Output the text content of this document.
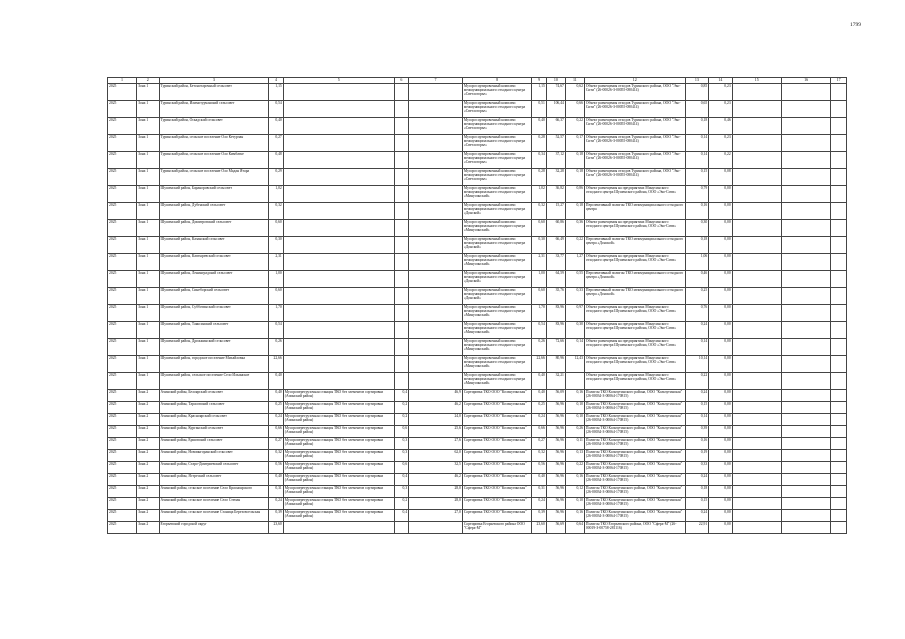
1799
1	2	3	4	5	6	7	8	9	10	11	12	13	14	15	16	17
2025	Зона 1	Туринский район, Бетонотарочный сельсовет	1,15				Мусоросортировочный комплекс межмуниципального отходного центра «Светлогорье»	1,15	74,67	0,62	Объект размещения отходов Туринского района, ООО "Эко-Сити" (26-00026-З-00055-080414)	0,85	0,23			
2025	Зона 1	Туринский район, Илимотурчанский сельсовет	0,54				Мусоросортировочный комплекс межмуниципального отходного центра «Светлогорье»	0,51	106,44	0,66	Объект размещения отходов Туринского района, ООО "Эко-Сити" (26-00026-З-00055-080414)	0,65	0,23			
2025	Зона 1	Туринский район, Оскадский сельсовет	0,40				Мусоросортировочный комплекс межмуниципального отходного центра «Светлогорье»	0,40	66,37	0,22	Объект размещения отходов Туринского района, ООО "Эко-Сити" (26-00026-З-00055-080414)	0,18	0,46			
2025	Зона 1	Туринский район, сельское поселение Оло Кетурчан	0,27				Мусоросортировочный комплекс межмуниципального отходного центра «Светлогорье»	0,28	52,57	0,17	Объект размещения отходов Туринского района, ООО "Эко-Сити" (26-00026-З-00055-080414)	0,14	0,23			
2025	Зона 1	Туринский район, сельское поселение Оло Кимбатке	0,48				Мусоросортировочный комплекс межмуниципального отходного центра «Светлогорье»	0,34	37,12	0,18	Объект размещения отходов Туринского района, ООО "Эко-Сити" (26-00026-З-00055-080414)	0,14	0,22			
2025	Зона 1	Туринский район, сельское поселение Оло Мадан Ятара	0,29				Мусоросортировочный комплекс межмуниципального отходного центра «Светлогорье»	0,28	32,28	0,18	Объект размещения отходов Туринского района, ООО "Эко-Сити" (26-00026-З-00055-080414)	0,15	0,08			
2025	Зона 1	Шушенский район, Бараноровский сельсовет	1,02				Мусоросортировочный комплекс межмуниципального отходного центра «Минусинский»	1,02	36,82	0,86	Объект размещения на предприятиях Минусинского отходного центра Шушенского района, ООО «Эко-Сити»	0,79	0,00			
2025	Зона 1	Шушенский район, Дубенский сельсовет	0,32				Мусоросортировочный комплекс межмуниципального отходного центра «Донской»	0,32	15,27	0,18	Перспективный полигон ТКО межмуниципального отходного центра	0,16	0,00			
2025	Зона 1	Шушенский район, Димитровский сельсовет	0,60				Мусоросортировочный комплекс межмуниципального отходного центра «Минусинский»	0,60	60,86	0,36	Объект размещения на предприятиях Минусинского отходного центра Шушенского района, ООО «Эко-Сити»	0,30	0,00			
2025	Зона 1	Шушенский район, Казанский сельсовет	0,30				Мусоросортировочный комплекс межмуниципального отходного центра «Донской»	0,30	66,49	0,22	Перспективный полигон ТКО межмуниципального отходного центра «Донской»	0,18	0,00			
2025	Зона 1	Шушенский район, Каптыревский сельсовет	2,31				Мусоросортировочный комплекс межмуниципального отходного центра «Минусинский»	2,31	33,77	1,27	Объект размещения на предприятиях Минусинского отходного центра Шушенского района, ООО «Эко-Сити»	1,06	0,00			
2025	Зона 1	Шушенский район, Ленинградский сельсовет	1,00				Мусоросортировочный комплекс межмуниципального отходного центра «Донской»	1,00	64,59	0,55	Перспективный полигон ТКО межмуниципального отходного центра «Донской»	0,46	0,00			
2025	Зона 1	Шушенский район, Синеборский сельсовет	0,60				Мусоросортировочный комплекс межмуниципального отходного центра «Донской»	0,60	35,76	0,33	Перспективный полигон ТКО межмуниципального отходного центра «Донской»	0,25	0,00			
2025	Зона 1	Шушенский район, Субботинский сельсовет	1,70				Мусоросортировочный комплекс межмуниципального отходного центра «Минусинский»	1,70	83,96	0,97	Объект размещения на предприятиях Минусинского отходного центра Шушенского района, ООО «Эко-Сити»	0,76	0,00			
2025	Зона 1	Шушенский район, Таяксинский сельсовет	0,54				Мусоросортировочный комплекс межмуниципального отходного центра «Минусинский»	0,54	83,96	0,30	Объект размещения на предприятиях Минусинского отходного центра Шушенского района, ООО «Эко-Сити»	0,24	0,00			
2025	Зона 1	Шушенский район, Дрожжинский сельсовет	0,26				Мусоросортировочный комплекс межмуниципального отходного центра «Минусинский»	0,26	72,66	0,14	Объект размещения на предприятиях Минусинского отходного центра Шушенского района, ООО «Эко-Сити»	0,14	0,00			
2025	Зона 1	Шушенский район, городское поселение Михайловка	22,66				Мусоросортировочный комплекс межмуниципального отходного центра «Минусинский»	22,66	80,96	12,43	Объект размещения на предприятиях Минусинского отходного центра Шушенского района, ООО «Эко-Сити»	10,14	0,00			
2025	Зона 1	Шушенский район, сельское поселение Село Ильинское	0,40				Мусоросортировочный комплекс межмуниципального отходного центра «Минусинский»	0,40	32,21		Объект размещения на предприятиях Минусинского отходного центра Шушенского района, ООО «Эко-Сити»	0,22	0,00			
2025	Зона 2	Ачинский район, Белоярский сельсовет	0,40	Мусороперегрузочная станция ТКО без элементов сортировки (Ачинский район)	0,4	46,9	Сортировка ТКО ООО "Кольчугинская"	0,40	56,09	0,16	Полигон ТКО Кольчугинского района, ООО "Кольчугинская" (26-00034-З-00064-170815)	0,24	0,00			
2025	Зона 2	Ачинский район, Тарасовский сельсовет	0,25	Мусороперегрузочная станция ТКО без элементов сортировки (Ачинский район)	0,2	46,2	Сортировка ТКО ООО "Кольчугинская"	0,25	56,96	0,10	Полигон ТКО Кольчугинского района, ООО "Кольчугинская" (26-00034-З-00064-170815)	0,15	0,00			
2025	Зона 2	Ачинский район, Красноярский сельсовет	0,24	Мусороперегрузочная станция ТКО без элементов сортировки (Ачинский район)	0,2	24,0	Сортировка ТКО ООО "Кольчугинская"	0,24	56,96	0,10	Полигон ТКО Кольчугинского района, ООО "Кольчугинская" (26-00034-З-00064-170815)	0,14	0,00			
2025	Зона 2	Ачинский район, Курганский сельсовет	0,66	Мусороперегрузочная станция ТКО без элементов сортировки (Ачинский район)	0,6	25,6	Сортировка ТКО ООО "Кольчугинская"	0,66	56,96	0,26	Полигон ТКО Кольчугинского района, ООО "Кольчугинская" (26-00034-З-00064-170815)	0,39	0,00			
2025	Зона 2	Ачинский район, Ершовский сельсовет	0,27	Мусороперегрузочная станция ТКО без элементов сортировки (Ачинский район)	0,3	27,6	Сортировка ТКО ООО "Кольчугинская"	0,27	56,96	0,11	Полигон ТКО Кольчугинского района, ООО "Кольчугинская" (26-00034-З-00064-170815)	0,16	0,00			
2025	Зона 2	Ачинский район, Новоингоранский сельсовет	0,32	Мусороперегрузочная станция ТКО без элементов сортировки (Ачинский район)	0,3	62,0	Сортировка ТКО ООО "Кольчугинская"	0,32	56,96	0,13	Полигон ТКО Кольчугинского района, ООО "Кольчугинская" (26-00034-З-00064-170815)	0,19	0,00			
2025	Зона 2	Ачинский район, Старо-Дмитриевский сельсовет	0,56	Мусороперегрузочная станция ТКО без элементов сортировки (Ачинский район)	0,6	32,5	Сортировка ТКО ООО "Кольчугинская"	0,56	56,96	0,22	Полигон ТКО Кольчугинского района, ООО "Кольчугинская" (26-00034-З-00064-170815)	0,33	0,00			
2025	Зона 2	Ачинский район, Ястреский сельсовет	0,40	Мусороперегрузочная станция ТКО без элементов сортировки (Ачинский район)	0,4	46,2	Сортировка ТКО ООО "Кольчугинская"	0,40	56,96	0,16	Полигон ТКО Кольчугинского района, ООО "Кольчугинская" (26-00034-З-00064-170815)	0,24	0,00			
2025	Зона 2	Ачинский район, сельское поселение Село Красноярского	0,31	Мусороперегрузочная станция ТКО без элементов сортировки (Ачинский район)	0,3	28,0	Сортировка ТКО ООО "Кольчугинская"	0,31	56,96	0,12	Полигон ТКО Кольчугинского района, ООО "Кольчугинская" (26-00034-З-00064-170815)	0,18	0,00			
2025	Зона 2	Ачинский район, сельское поселение Село Степан	0,24	Мусороперегрузочная станция ТКО без элементов сортировки (Ачинский район)	0,2	28,0	Сортировка ТКО ООО "Кольчугинская"	0,24	56,96	0,10	Полигон ТКО Кольчугинского района, ООО "Кольчугинская" (26-00034-З-00064-170815)	0,15	0,00			
2025	Зона 2	Ачинский район, сельское поселение Станица Березовсельская	0,39	Мусороперегрузочная станция ТКО без элементов сортировки (Ачинский район)	0,4	27,0	Сортировка ТКО ООО "Кольчугинская"	0,39	56,96	0,16	Полигон ТКО Кольчугинского района, ООО "Кольчугинская" (26-00034-З-00064-170815)	0,24	0,00			
2025	Зона 2	Егорьевский городской округ	23,60				Сортировка Егорьевского района ООО "Сфера-М"	23,60	56,69	0,64	Полигон ТКО Егорьевского района, ООО "Сфера-М" (26-00019-З-00758-281116)	22,91	0,00			
